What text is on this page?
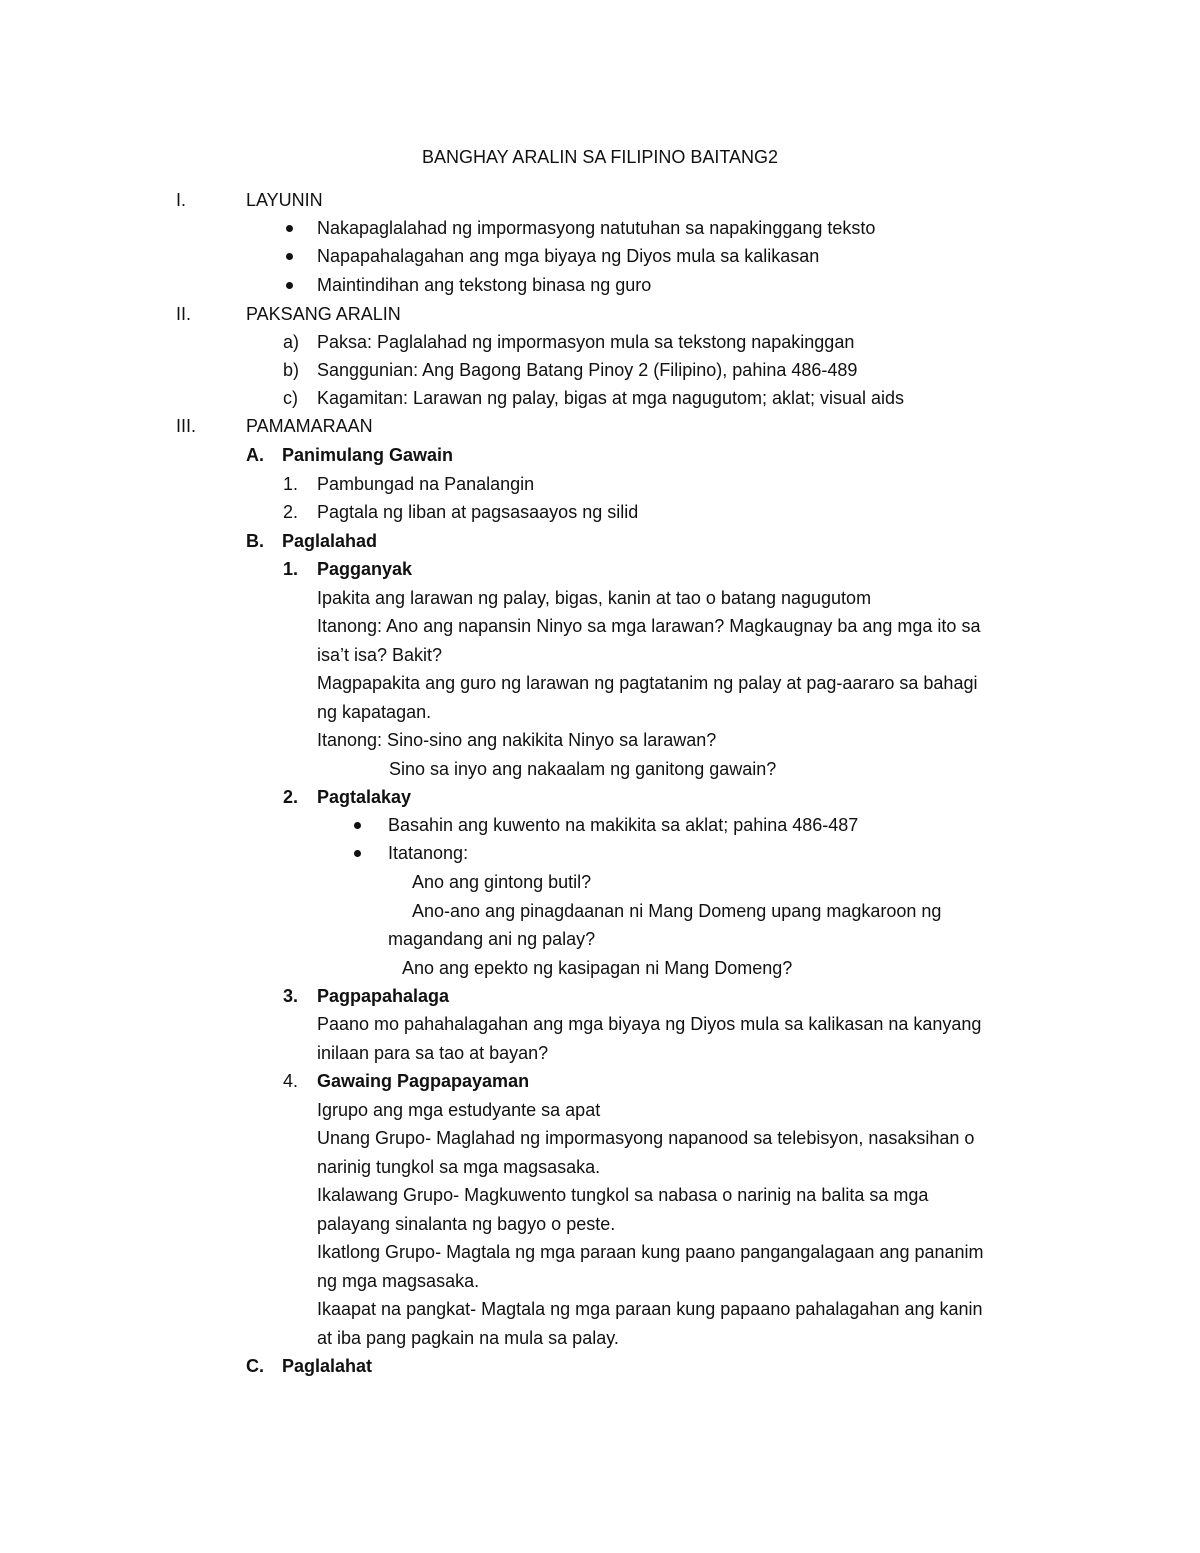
BANGHAY ARALIN SA FILIPINO BAITANG2
I.	LAYUNIN
Nakapaglalahad ng impormasyong natutuhan sa napakinggang teksto
Napapahalagahan ang mga biyaya ng Diyos mula sa kalikasan
Maintindihan ang tekstong binasa ng guro
II.	PAKSANG ARALIN
a) Paksa: Paglalahad ng impormasyon mula sa tekstong napakinggan
b) Sanggunian: Ang Bagong Batang Pinoy 2 (Filipino), pahina 486-489
c) Kagamitan: Larawan ng palay, bigas at mga nagugutom; aklat; visual aids
III.	PAMAMARAAN
A. Panimulang Gawain
1. Pambungad na Panalangin
2. Pagtala ng liban at pagsasaayos ng silid
B. Paglalahad
1. Pagganyak
Ipakita ang larawan ng palay, bigas, kanin at tao o batang nagugutom
Itanong: Ano ang napansin Ninyo sa mga larawan? Magkaugnay ba ang mga ito sa
isa’t isa? Bakit?
Magpapakita ang guro ng larawan ng pagtatanim ng palay at pag-aararo sa bahagi
ng kapatagan.
Itanong: Sino-sino ang nakikita Ninyo sa larawan?
Sino sa inyo ang nakaalam ng ganitong gawain?
2. Pagtalakay
Basahin ang kuwento na makikita sa aklat; pahina 486-487
Itatanong:
Ano ang gintong butil?
Ano-ano ang pinagdaanan ni Mang Domeng upang magkaroon ng
magandang ani ng palay?
Ano ang epekto ng kasipagan ni Mang Domeng?
3. Pagpapahalaga
Paano mo pahahalagahan ang mga biyaya ng Diyos mula sa kalikasan na kanyang
inilaan para sa tao at bayan?
4. Gawaing Pagpapayaman
Igrupo ang mga estudyante sa apat
Unang Grupo- Maglahad ng impormasyong napanood sa telebisyon, nasaksihan o
narinig tungkol sa mga magsasaka.
Ikalawang Grupo- Magkuwento tungkol sa nabasa o narinig na balita sa mga
palayang sinalanta ng bagyo o peste.
Ikatlong Grupo- Magtala ng mga paraan kung paano pangangalagaan ang pananim
ng mga magsasaka.
Ikaapat na pangkat- Magtala ng mga paraan kung papaano pahalagahan ang kanin
at iba pang pagkain na mula sa palay.
C. Paglalahat
